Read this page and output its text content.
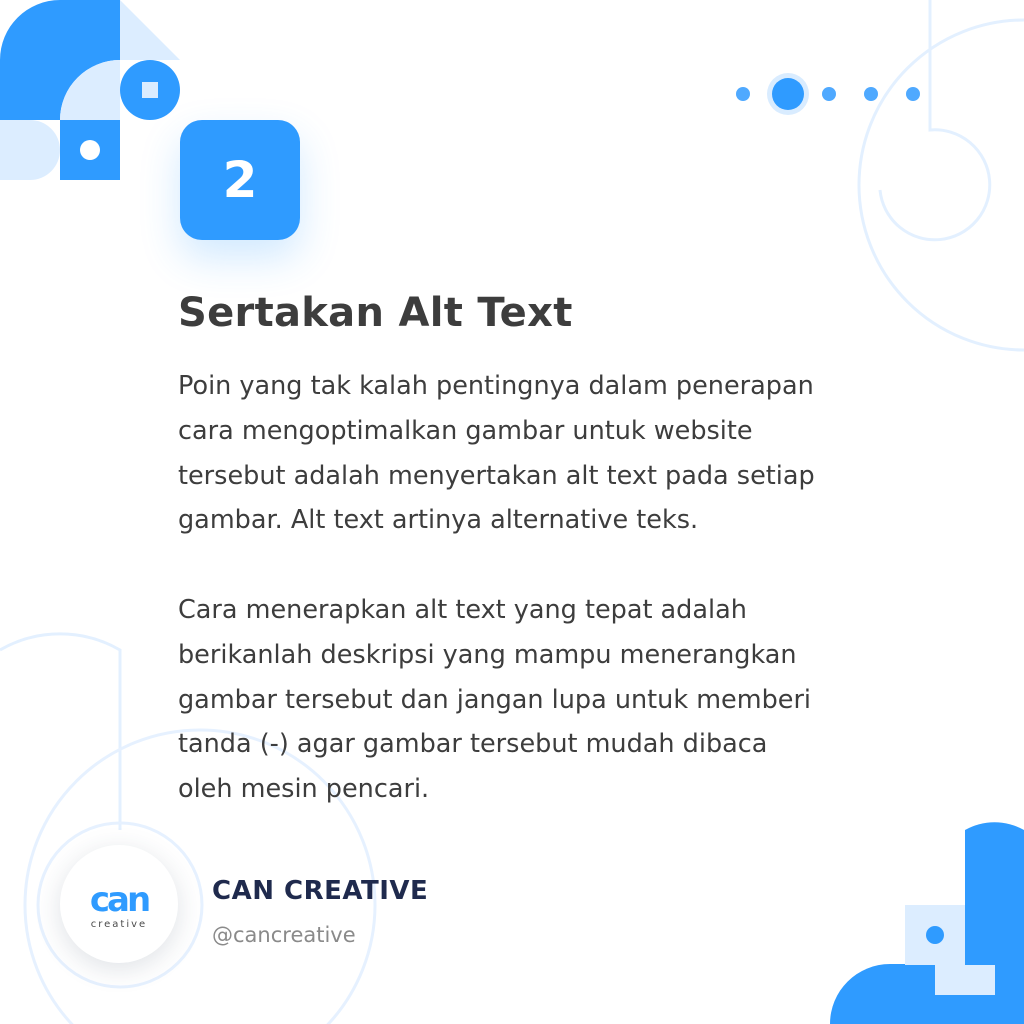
2
Sertakan Alt Text

Poin yang tak kalah pentingnya dalam penerapan
cara mengoptimalkan gambar untuk website
tersebut adalah menyertakan alt text pada setiap
gambar. Alt text artinya alternative teks.

Cara menerapkan alt text yang tepat adalah
berikanlah deskripsi yang mampu menerangkan
gambar tersebut dan jangan lupa untuk memberi
tanda (-) agar gambar tersebut mudah dibaca
oleh mesin pencari.

can
creative
CAN CREATIVE
@cancreative
